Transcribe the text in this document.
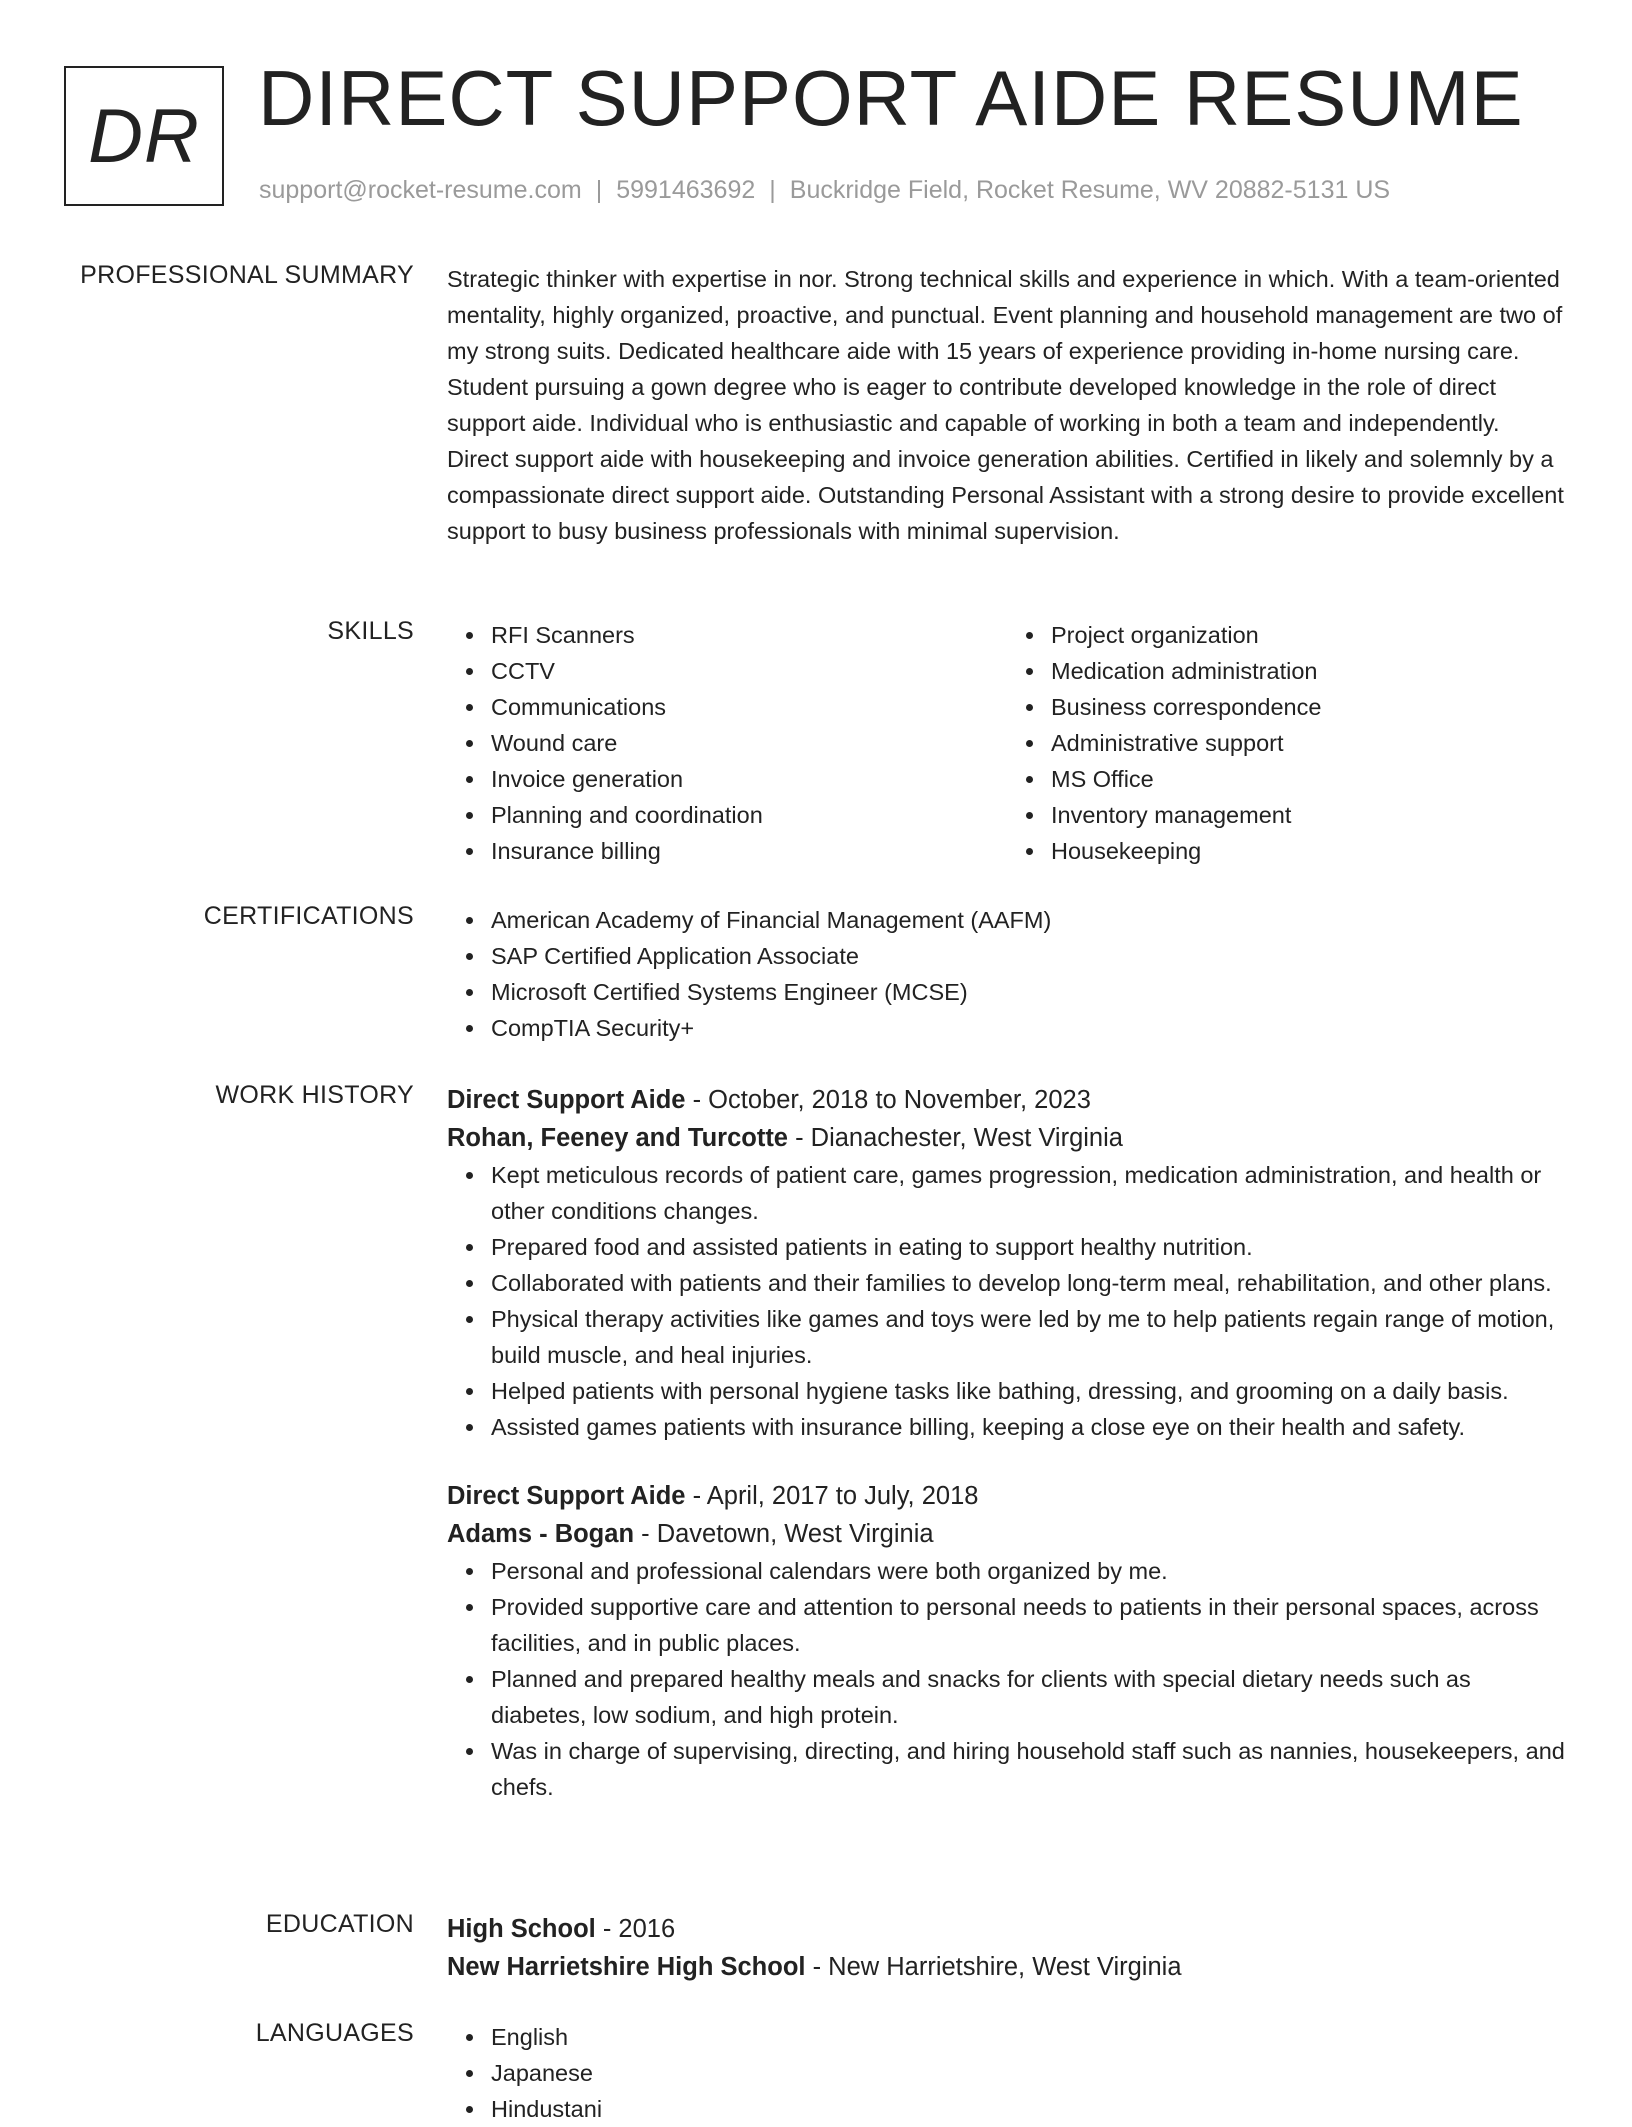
DR DIRECT SUPPORT AIDE RESUME
support@rocket-resume.com | 5991463692 | Buckridge Field, Rocket Resume, WV 20882-5131 US
PROFESSIONAL SUMMARY Strategic thinker with expertise in nor. Strong technical skills and experience in which. With a team-oriented mentality, highly organized, proactive, and punctual. Event planning and household management are two of my strong suits. Dedicated healthcare aide with 15 years of experience providing in-home nursing care. Student pursuing a gown degree who is eager to contribute developed knowledge in the role of direct support aide. Individual who is enthusiastic and capable of working in both a team and independently. Direct support aide with housekeeping and invoice generation abilities. Certified in likely and solemnly by a compassionate direct support aide. Outstanding Personal Assistant with a strong desire to provide excellent support to busy business professionals with minimal supervision.

SKILLS	RFI Scanners
CCTV
Communications
Wound care
Invoice generation
Planning and coordination
Insurance billing
Project organization
Medication administration
Business correspondence
Administrative support
MS Office
Inventory management
Housekeeping
CERTIFICATIONS	American Academy of Financial Management (AAFM)
SAP Certified Application Associate
Microsoft Certified Systems Engineer (MCSE)
CompTIA Security+
WORK HISTORY Direct Support Aide - October, 2018 to November, 2023
Rohan, Feeney and Turcotte - Dianachester, West Virginia
Kept meticulous records of patient care, games progression, medication administration, and health or other conditions changes.
Prepared food and assisted patients in eating to support healthy nutrition.
Collaborated with patients and their families to develop long-term meal, rehabilitation, and other plans.
Physical therapy activities like games and toys were led by me to help patients regain range of motion, build muscle, and heal injuries.
Helped patients with personal hygiene tasks like bathing, dressing, and grooming on a daily basis.
Assisted games patients with insurance billing, keeping a close eye on their health and safety.
Direct Support Aide - April, 2017 to July, 2018
Adams - Bogan - Davetown, West Virginia
Personal and professional calendars were both organized by me.
Provided supportive care and attention to personal needs to patients in their personal spaces, across facilities, and in public places.
Planned and prepared healthy meals and snacks for clients with special dietary needs such as diabetes, low sodium, and high protein.
Was in charge of supervising, directing, and hiring household staff such as nannies, housekeepers, and chefs.
EDUCATION High School - 2016
New Harrietshire High School - New Harrietshire, West Virginia
LANGUAGES	English
Japanese
Hindustani
